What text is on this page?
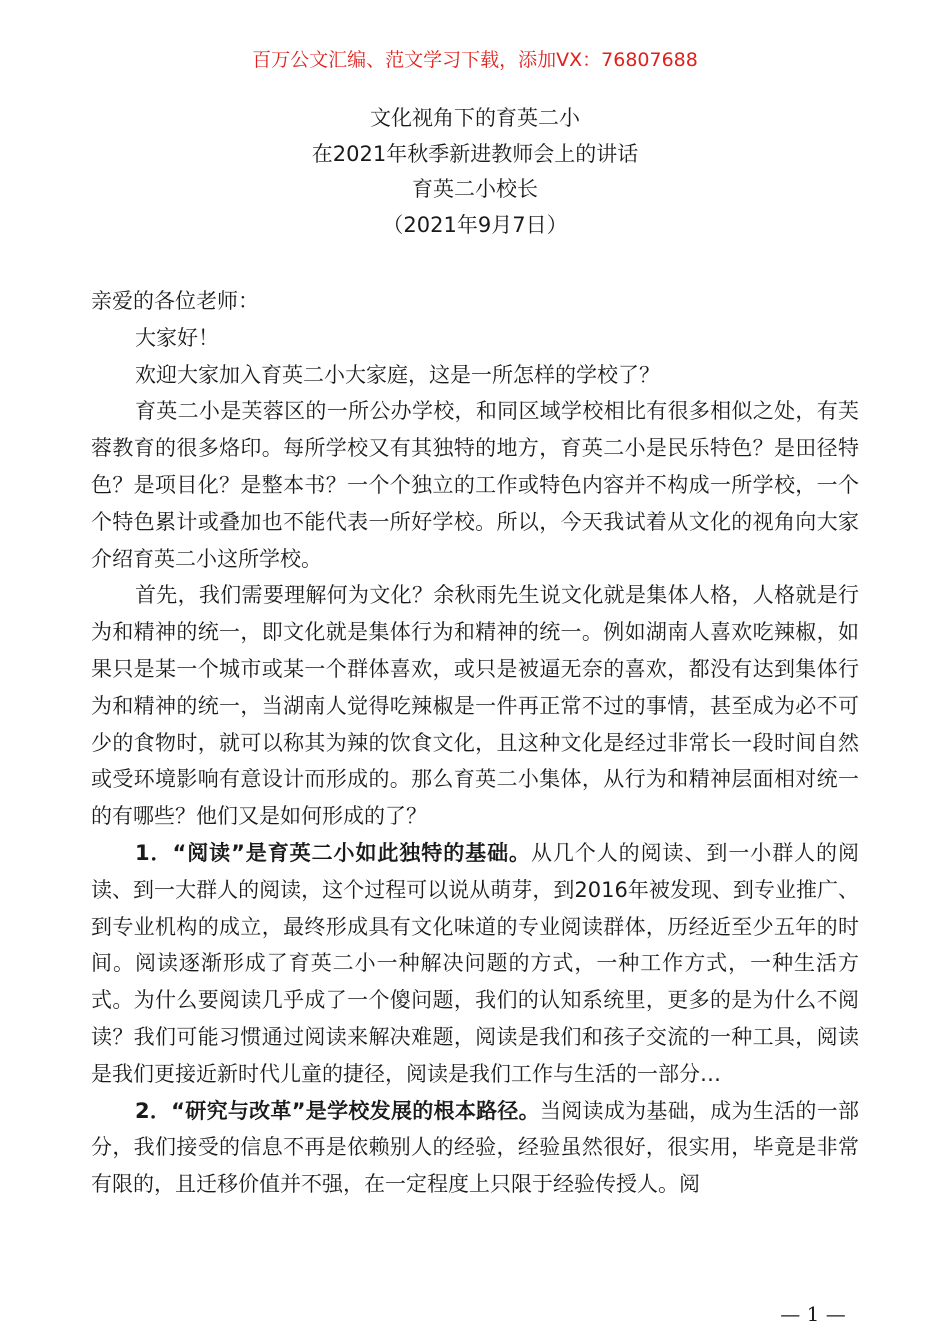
百万公文汇编、范文学习下载，添加VX：76807688
文化视角下的育英二小
在2021年秋季新进教师会上的讲话
育英二小校长
（2021年9月7日）

亲爱的各位老师：

大家好！

欢迎大家加入育英二小大家庭，这是一所怎样的学校了？

育英二小是芙蓉区的一所公办学校，和同区域学校相比有很多相似之处，有芙蓉教育的很多烙印。每所学校又有其独特的地方，育英二小是民乐特色？是田径特色？是项目化？是整本书？一个个独立的工作或特色内容并不构成一所学校，一个个特色累计或叠加也不能代表一所好学校。所以，今天我试着从文化的视角向大家介绍育英二小这所学校。

首先，我们需要理解何为文化？余秋雨先生说文化就是集体人格，人格就是行为和精神的统一，即文化就是集体行为和精神的统一。例如湖南人喜欢吃辣椒，如果只是某一个城市或某一个群体喜欢，或只是被逼无奈的喜欢，都没有达到集体行为和精神的统一，当湖南人觉得吃辣椒是一件再正常不过的事情，甚至成为必不可少的食物时，就可以称其为辣的饮食文化，且这种文化是经过非常长一段时间自然或受环境影响有意设计而形成的。那么育英二小集体，从行为和精神层面相对统一的有哪些？他们又是如何形成的了？

1．“阅读”是育英二小如此独特的基础。从几个人的阅读、到一小群人的阅读、到一大群人的阅读，这个过程可以说从萌芽，到2016年被发现、到专业推广、到专业机构的成立，最终形成具有文化味道的专业阅读群体，历经近至少五年的时间。阅读逐渐形成了育英二小一种解决问题的方式，一种工作方式，一种生活方式。为什么要阅读几乎成了一个傻问题，我们的认知系统里，更多的是为什么不阅读？我们可能习惯通过阅读来解决难题，阅读是我们和孩子交流的一种工具，阅读是我们更接近新时代儿童的捷径，阅读是我们工作与生活的一部分…

2．“研究与改革”是学校发展的根本路径。当阅读成为基础，成为生活的一部分，我们接受的信息不再是依赖别人的经验，经验虽然很好，很实用，毕竟是非常有限的，且迁移价值并不强，在一定程度上只限于经验传授人。阅

— 1 —
